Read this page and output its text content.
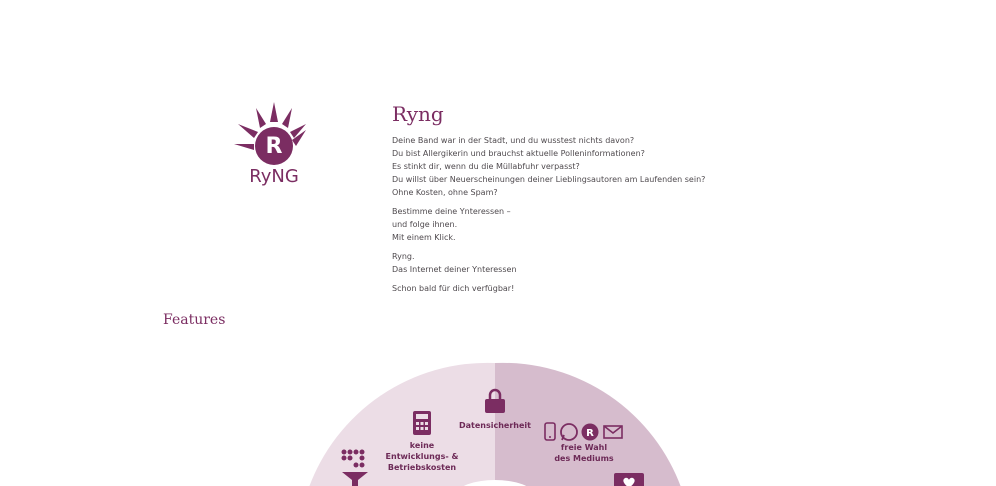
R
RyNG
Ryng

Deine Band war in der Stadt, und du wusstest nichts davon?
Du bist Allergikerin und brauchst aktuelle Polleninformationen?
Es stinkt dir, wenn du die Müllabfuhr verpasst?
Du willst über Neuerscheinungen deiner Lieblingsautoren am Laufenden sein?
Ohne Kosten, ohne Spam?

Bestimme deine Ynteressen –
und folge ihnen.
Mit einem Klick.

Ryng.
Das Internet deiner Ynteressen

Schon bald für dich verfügbar!

Features
Datensicherheit
keine
Entwicklungs- &
Betriebskosten
R
freie Wahl
des Mediums
